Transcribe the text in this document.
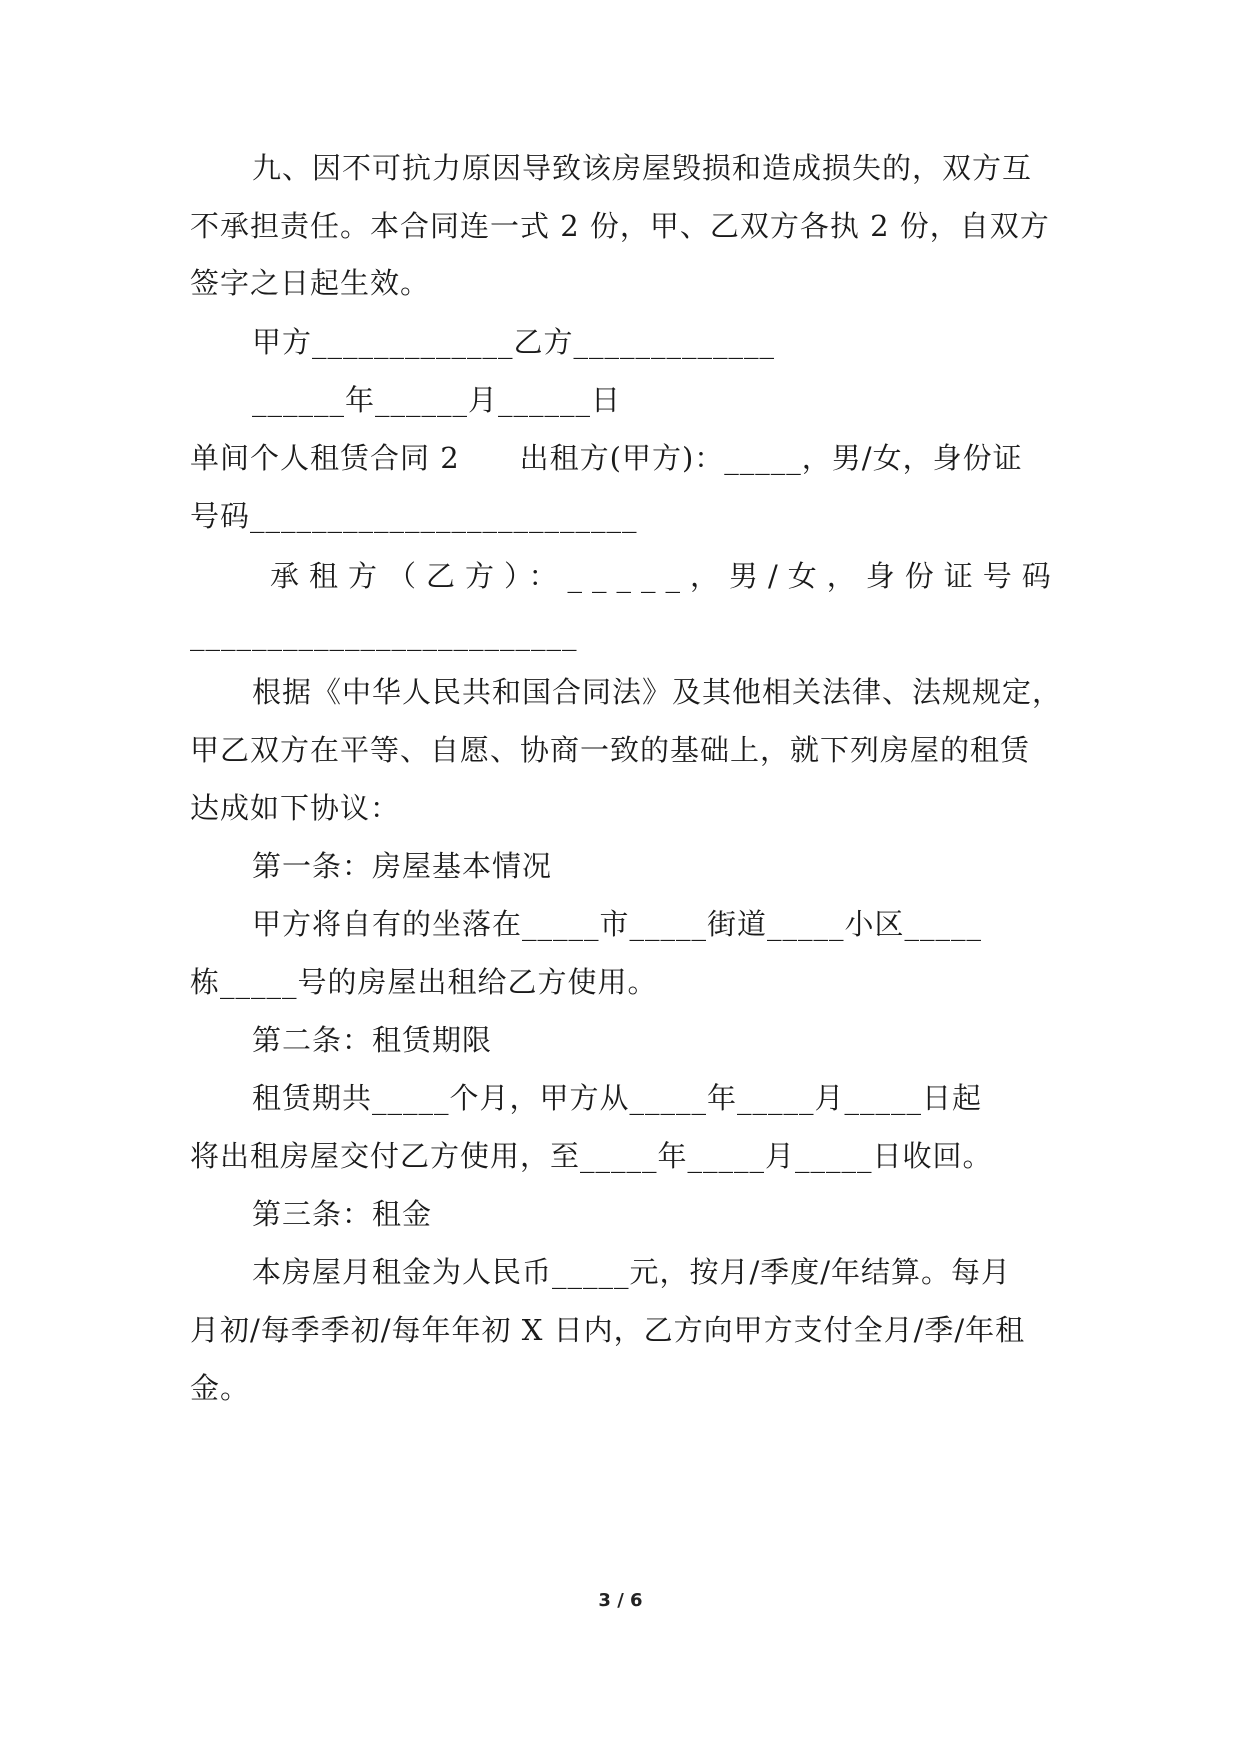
九、因不可抗力原因导致该房屋毁损和造成损失的，双方互
不承担责任。本合同连一式 2 份，甲、乙双方各执 2 份，自双方
签字之日起生效。
甲方_____________乙方_____________
______年______月______日
单间个人租赁合同 2　　出租方(甲方)：_____，男/女，身份证
号码_________________________
承租方（乙方）：_____，男/女，身份证号码
_________________________
根据《中华人民共和国合同法》及其他相关法律、法规规定，
甲乙双方在平等、自愿、协商一致的基础上，就下列房屋的租赁
达成如下协议：
第一条：房屋基本情况
甲方将自有的坐落在_____市_____街道_____小区_____
栋_____号的房屋出租给乙方使用。
第二条：租赁期限
租赁期共_____个月，甲方从_____年_____月_____日起
将出租房屋交付乙方使用，至_____年_____月_____日收回。
第三条：租金
本房屋月租金为人民币_____元，按月/季度/年结算。每月
月初/每季季初/每年年初 X 日内，乙方向甲方支付全月/季/年租
金。
3 / 6
